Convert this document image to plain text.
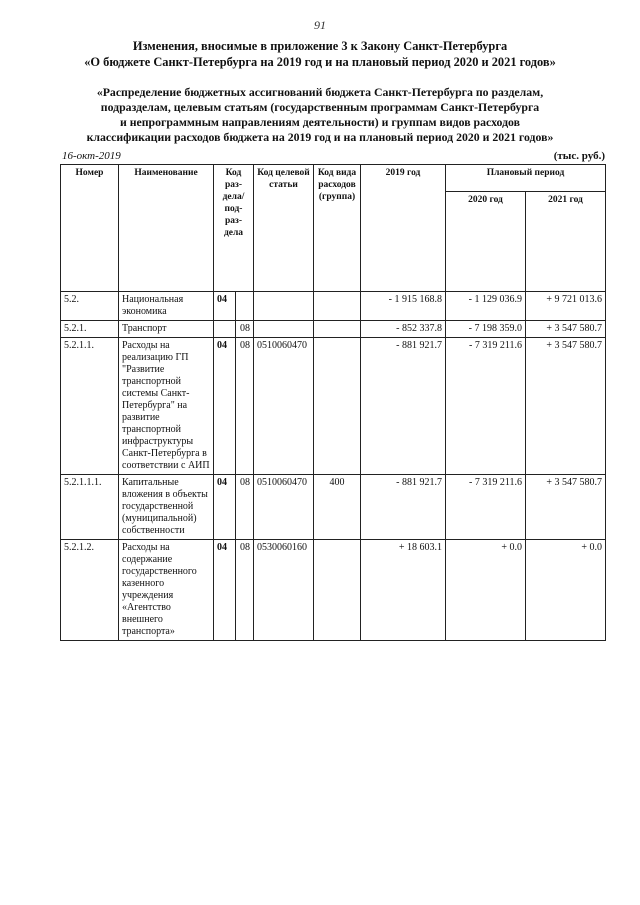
91
Изменения, вносимые в приложение 3 к Закону Санкт-Петербурга
«О бюджете Санкт-Петербурга на 2019 год и на плановый период 2020 и 2021 годов»
«Распределение бюджетных ассигнований бюджета Санкт-Петербурга по разделам,
подразделам, целевым статьям (государственным программам Санкт-Петербурга
и непрограммным направлениям деятельности) и группам видов расходов
классификации расходов бюджета на 2019 год и на плановый период 2020 и 2021 годов»
16-окт-2019	(тыс. руб.)
Номер	Наименование	Код раз-дела/ под-раз-дела		Код целевой статьи	Код вида расходов (группа)	2019 год	Плановый период	
							2020 год	2021 год
5.2.	Национальная экономика	04				- 1 915 168.8	- 1 129 036.9	+ 9 721 013.6
5.2.1.	Транспорт		08			- 852 337.8	- 7 198 359.0	+ 3 547 580.7
5.2.1.1.	Расходы на реализацию ГП "Развитие транспортной системы Санкт-Петербурга" на развитие транспортной инфраструктуры Санкт-Петербурга в соответствии с АИП	04	08	0510060470		- 881 921.7	- 7 319 211.6	+ 3 547 580.7
5.2.1.1.1.	Капитальные вложения в объекты государственной (муниципальной) собственности	04	08	0510060470	400	- 881 921.7	- 7 319 211.6	+ 3 547 580.7
5.2.1.2.	Расходы на содержание государственного казенного учреждения «Агентство внешнего транспорта»	04	08	0530060160		+ 18 603.1	+ 0.0	+ 0.0
